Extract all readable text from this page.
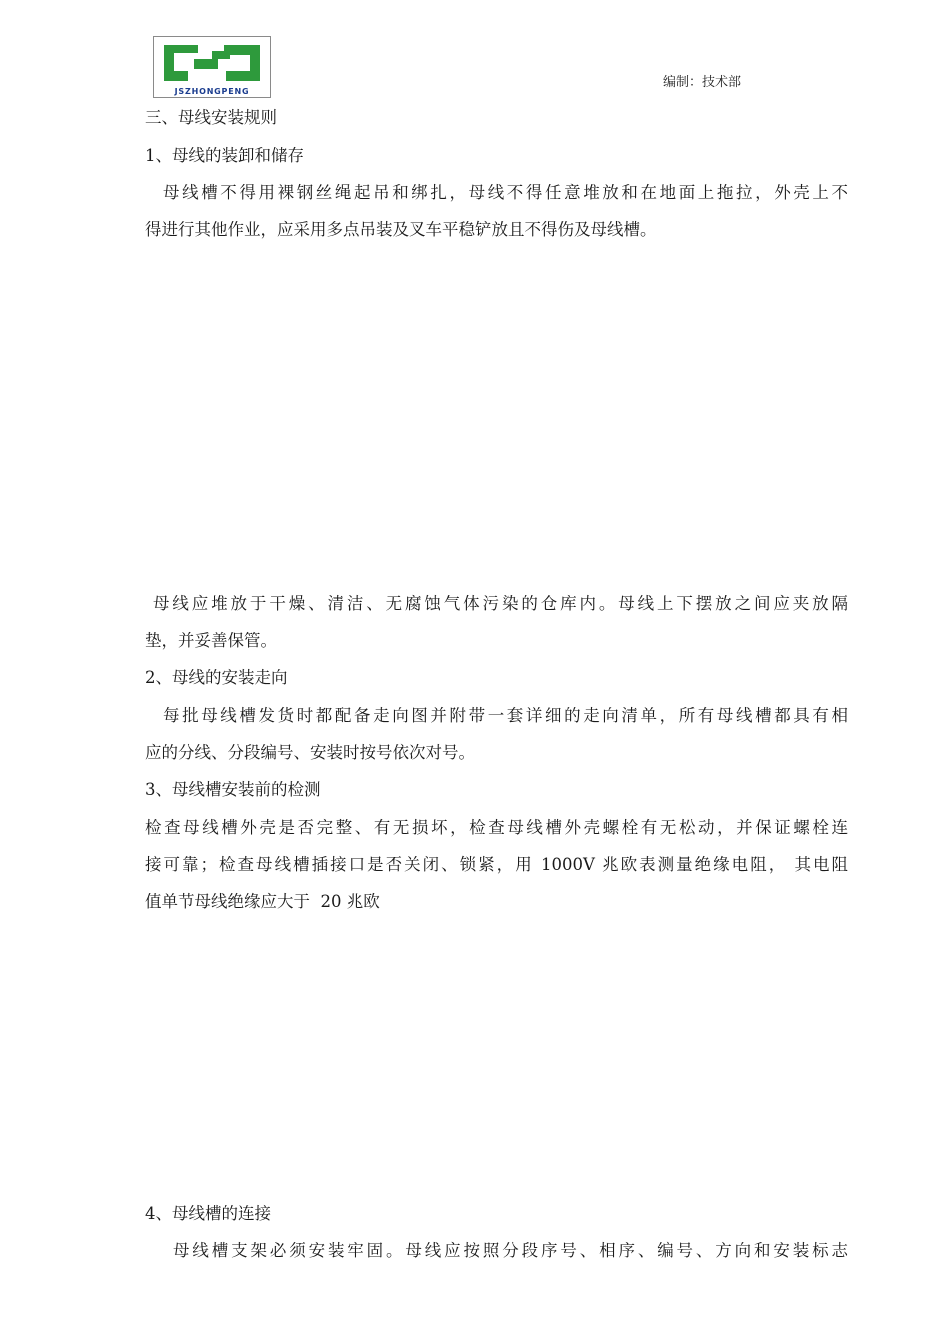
JSZHONGPENG
编制：技术部
三、母线安装规则
1、母线的装卸和储存
母线槽不得用裸钢丝绳起吊和绑扎，母线不得任意堆放和在地面上拖拉，外壳上不
得进行其他作业，应采用多点吊装及叉车平稳铲放且不得伤及母线槽。
母线应堆放于干燥、清洁、无腐蚀气体污染的仓库内。母线上下摆放之间应夹放隔
垫，并妥善保管。
2、母线的安装走向
每批母线槽发货时都配备走向图并附带一套详细的走向清单，所有母线槽都具有相
应的分线、分段编号、安装时按号依次对号。
3、母线槽安装前的检测
检查母线槽外壳是否完整、有无损坏，检查母线槽外壳螺栓有无松动，并保证螺栓连
接可靠；检查母线槽插接口是否关闭、锁紧，用 1000V 兆欧表测量绝缘电阻， 其电阻
值单节母线绝缘应大于  20 兆欧
4、母线槽的连接
母线槽支架必须安装牢固。母线应按照分段序号、相序、编号、方向和安装标志
